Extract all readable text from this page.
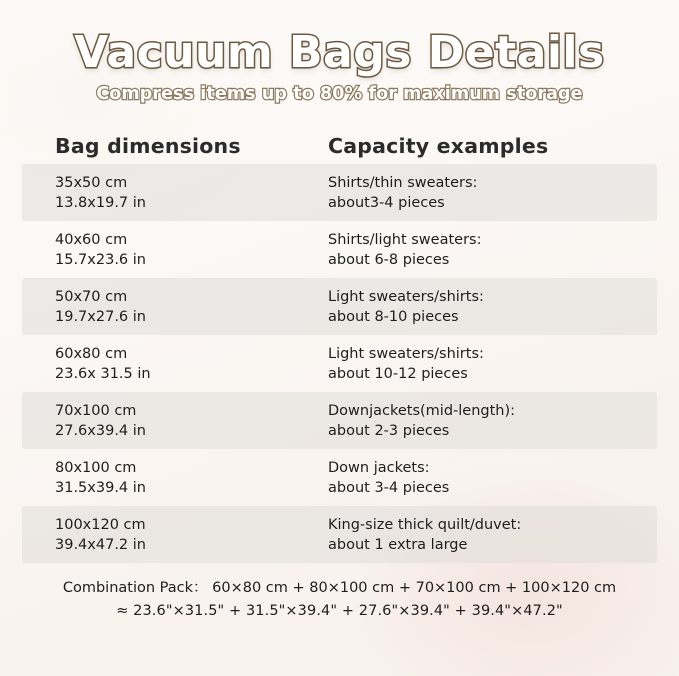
Vacuum Bags Details

Compress items up to 80% for maximum storage

Bag dimensions	Capacity examples
35x50 cm
13.8x19.7 in
Shirts/thin sweaters:
about3-4 pieces
40x60 cm
15.7x23.6 in
Shirts/light sweaters:
about 6-8 pieces
50x70 cm
19.7x27.6 in
Light sweaters/shirts:
about 8-10 pieces
60x80 cm
23.6x 31.5 in
Light sweaters/shirts:
about 10-12 pieces
70x100 cm
27.6x39.4 in
Downjackets(mid-length):
about 2-3 pieces
80x100 cm
31.5x39.4 in
Down jackets:
about 3-4 pieces
100x120 cm
39.4x47.2 in
King-size thick quilt/duvet:
about 1 extra large
Combination Pack： 60×80 cm + 80×100 cm + 70×100 cm + 100×120 cm
≈ 23.6"×31.5" + 31.5"×39.4" + 27.6"×39.4" + 39.4"×47.2"
